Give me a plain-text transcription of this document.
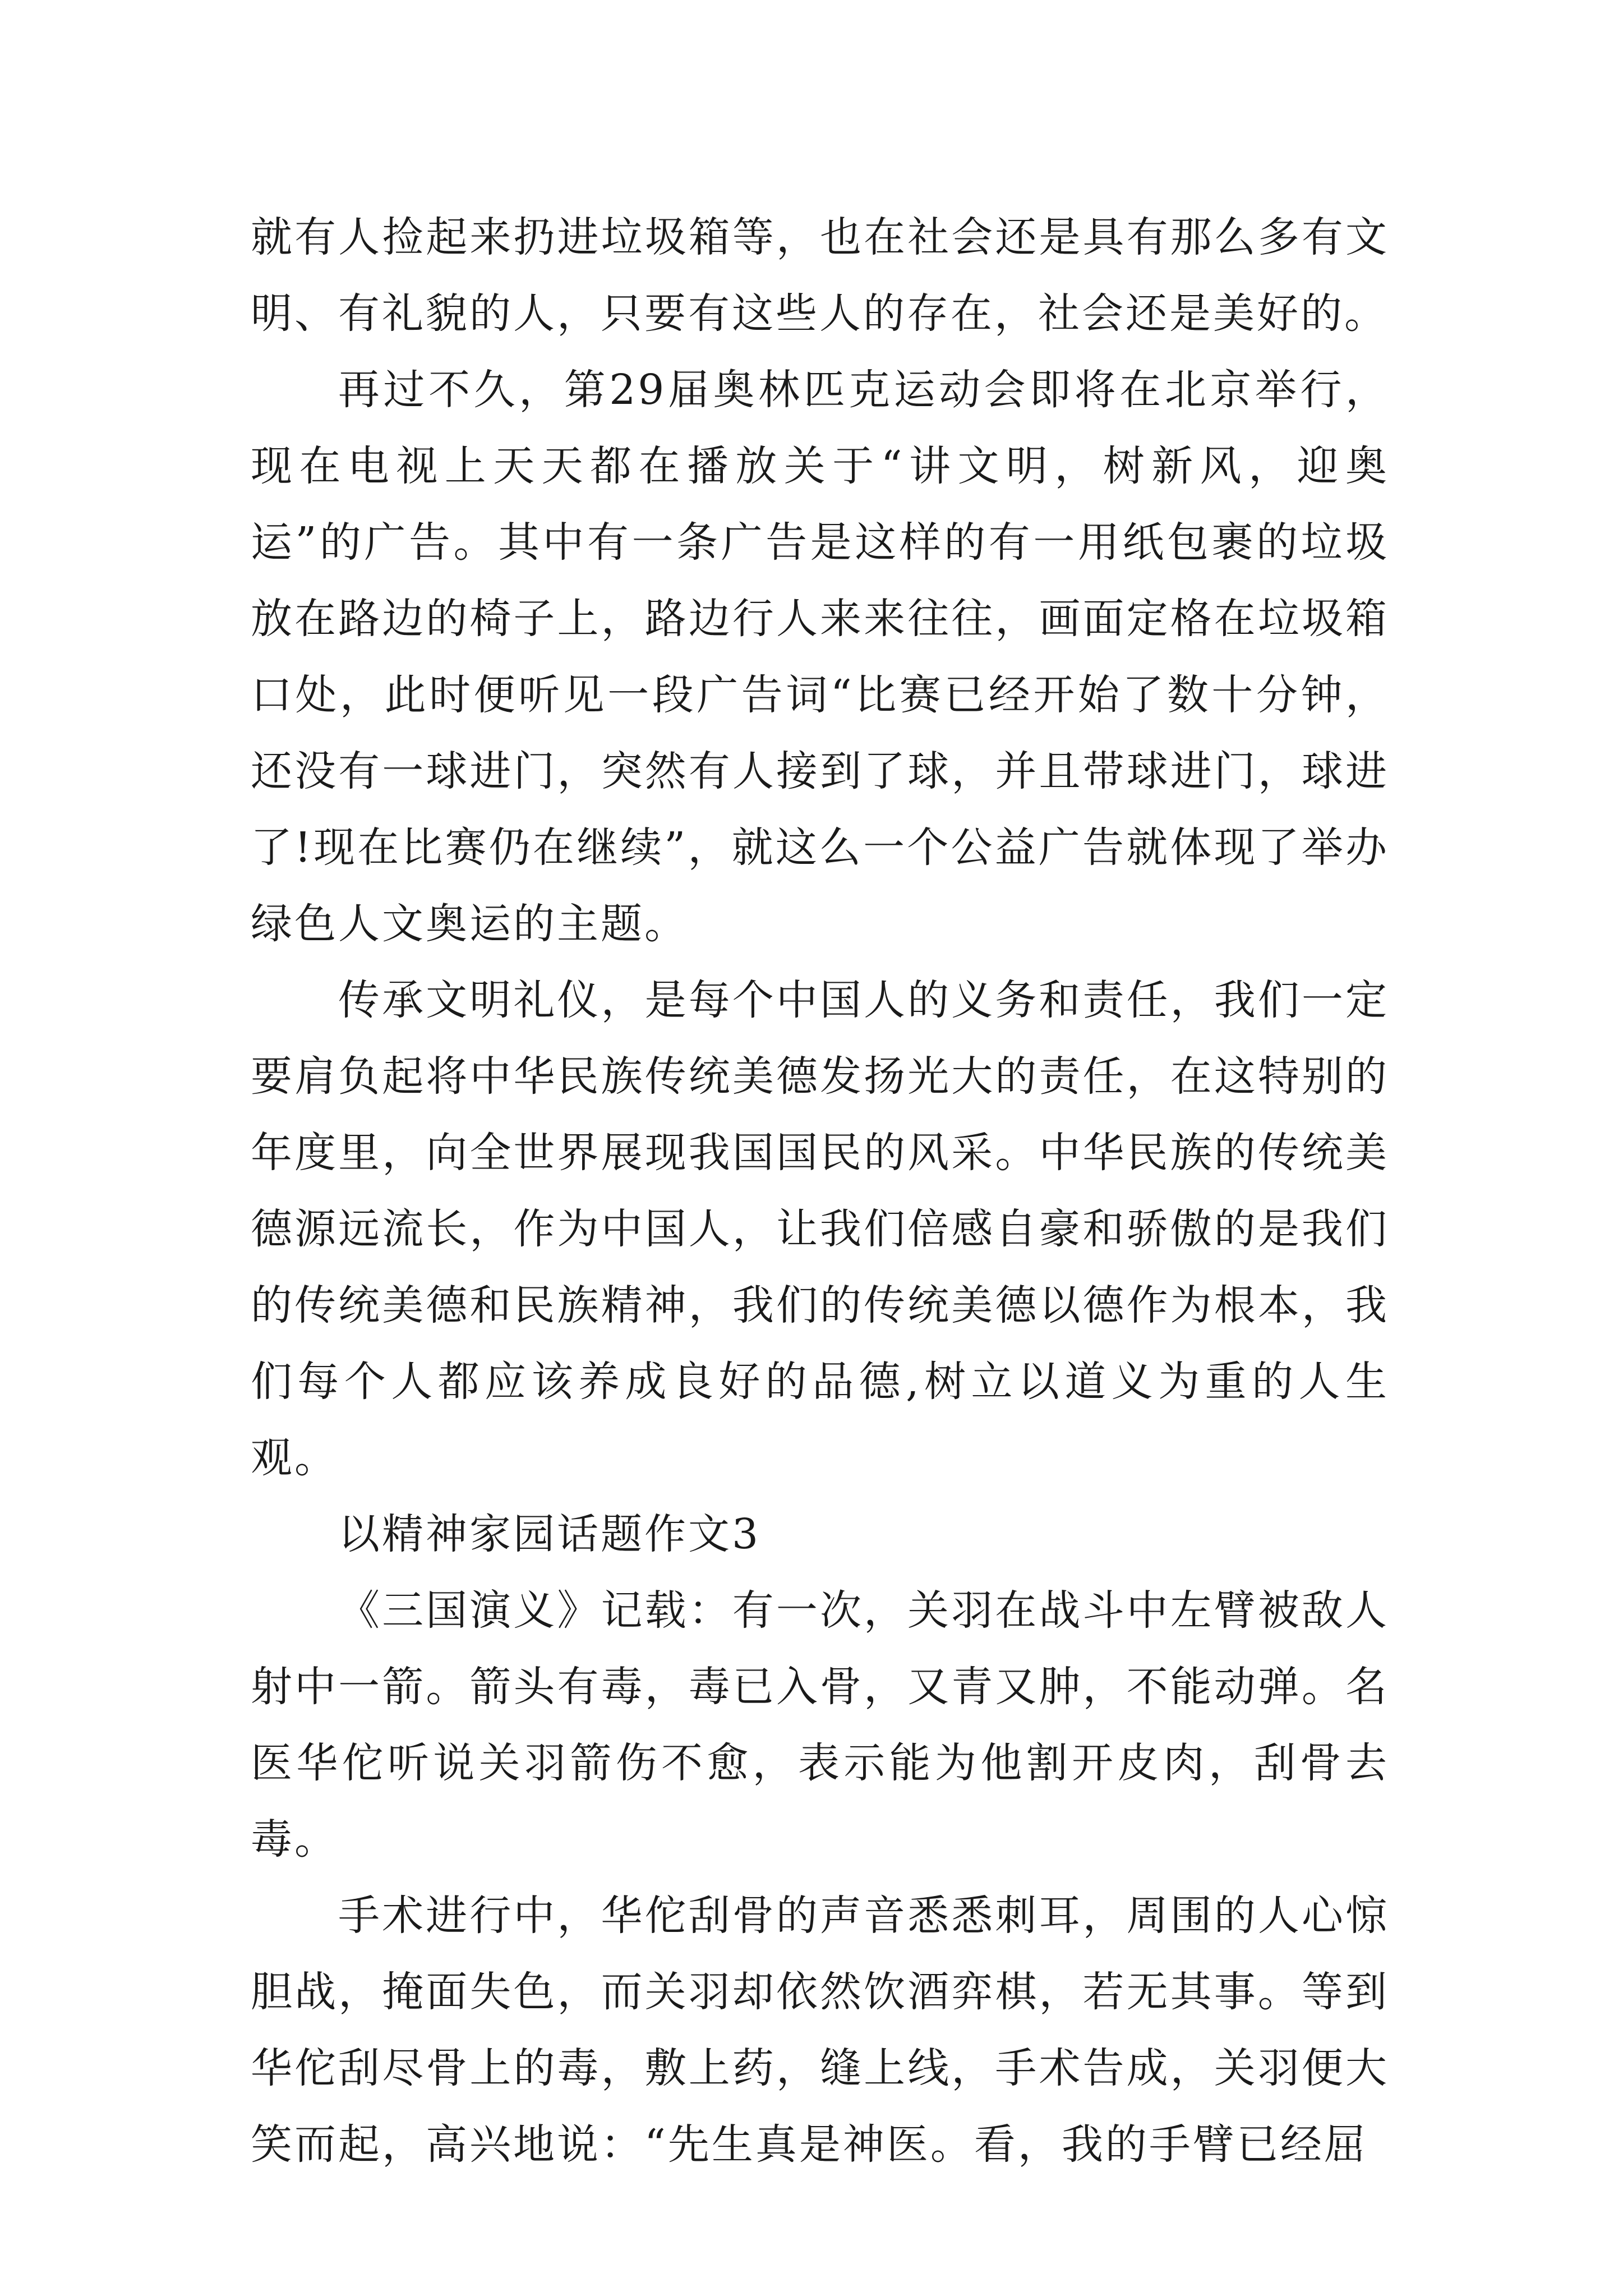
就有人捡起来扔进垃圾箱等，也在社会还是具有那么多有文明、有礼貌的人，只要有这些人的存在，社会还是美好的。

再过不久，第29届奥林匹克运动会即将在北京举行，现在电视上天天都在播放关于“讲文明，树新风，迎奥运”的广告。其中有一条广告是这样的有一用纸包裹的垃圾放在路边的椅子上，路边行人来来往往，画面定格在垃圾箱口处，此时便听见一段广告词“比赛已经开始了数十分钟，还没有一球进门，突然有人接到了球，并且带球进门，球进了!现在比赛仍在继续”，就这么一个公益广告就体现了举办绿色人文奥运的主题。

传承文明礼仪，是每个中国人的义务和责任，我们一定要肩负起将中华民族传统美德发扬光大的责任，在这特别的年度里，向全世界展现我国国民的风采。中华民族的传统美德源远流长，作为中国人，让我们倍感自豪和骄傲的是我们的传统美德和民族精神，我们的传统美德以德作为根本，我们每个人都应该养成良好的品德,树立以道义为重的人生观。

以精神家园话题作文3

《三国演义》记载：有一次，关羽在战斗中左臂被敌人射中一箭。箭头有毒，毒已入骨，又青又肿，不能动弹。名医华佗听说关羽箭伤不愈，表示能为他割开皮肉，刮骨去毒。

手术进行中，华佗刮骨的声音悉悉刺耳，周围的人心惊胆战，掩面失色，而关羽却依然饮酒弈棋，若无其事。等到华佗刮尽骨上的毒，敷上药，缝上线，手术告成，关羽便大笑而起，高兴地说：“先生真是神医。看，我的手臂已经屈
